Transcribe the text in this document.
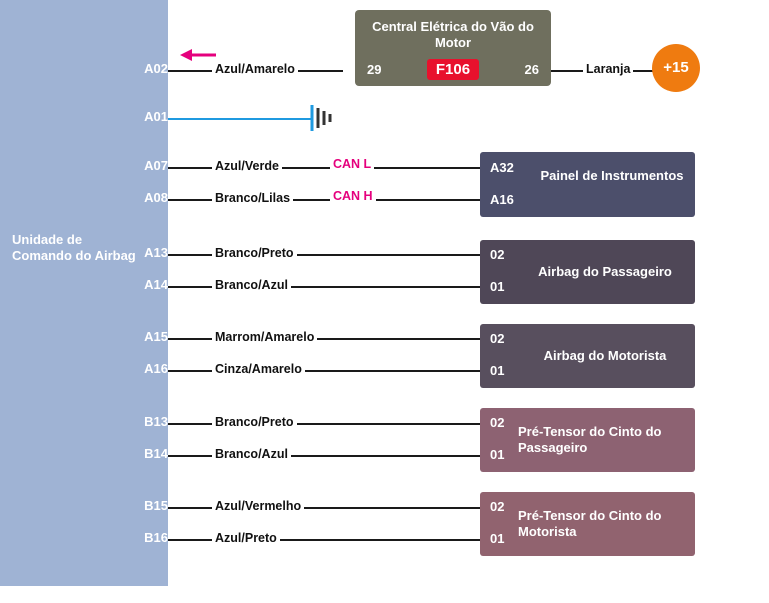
Unidade de Comando do Airbag
A02	Azul/Amarelo
Central Elétrica do Vão do Motor
29	F106	26	Laranja	+15
A01
A07	Azul/Verde	CAN L
A08	Branco/Lilas	CAN H
A32
A16
Painel de Instrumentos
A13	Branco/Preto
A14	Branco/Azul
02
01
Airbag do Passageiro
A15	Marrom/Amarelo
A16	Cinza/Amarelo
02
01
Airbag do Motorista
B13	Branco/Preto
B14	Branco/Azul
02
01
Pré-Tensor do Cinto do Passageiro
B15	Azul/Vermelho
B16	Azul/Preto
02
01
Pré-Tensor do Cinto do Motorista
